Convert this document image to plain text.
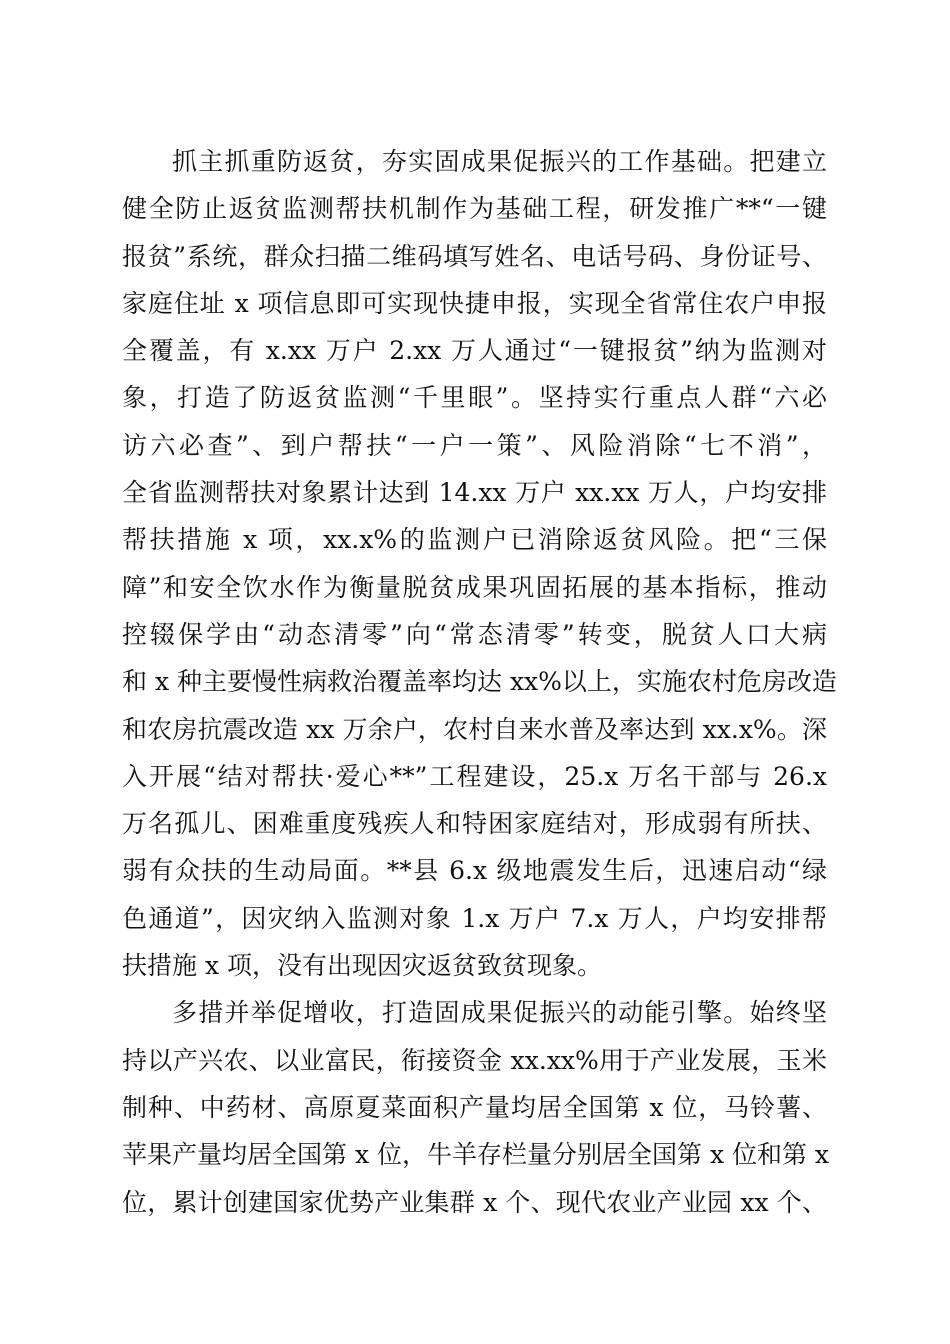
抓主抓重防返贫，夯实固成果促振兴的工作基础。把建立
健全防止返贫监测帮扶机制作为基础工程，研发推广**“一键
报贫”系统，群众扫描二维码填写姓名、电话号码、身份证号、
家庭住址 x 项信息即可实现快捷申报，实现全省常住农户申报
全覆盖，有 x.xx 万户 2.xx 万人通过“一键报贫”纳为监测对
象，打造了防返贫监测“千里眼”。坚持实行重点人群“六必
访六必查”、到户帮扶“一户一策”、风险消除“七不消”，
全省监测帮扶对象累计达到 14.xx 万户 xx.xx 万人，户均安排
帮扶措施 x 项，xx.x%的监测户已消除返贫风险。把“三保
障”和安全饮水作为衡量脱贫成果巩固拓展的基本指标，推动
控辍保学由“动态清零”向“常态清零”转变，脱贫人口大病
和 x 种主要慢性病救治覆盖率均达 xx%以上，实施农村危房改造
和农房抗震改造 xx 万余户，农村自来水普及率达到 xx.x%。深
入开展“结对帮扶·爱心**”工程建设，25.x 万名干部与 26.x
万名孤儿、困难重度残疾人和特困家庭结对，形成弱有所扶、
弱有众扶的生动局面。**县 6.x 级地震发生后，迅速启动“绿
色通道”，因灾纳入监测对象 1.x 万户 7.x 万人，户均安排帮
扶措施 x 项，没有出现因灾返贫致贫现象。
多措并举促增收，打造固成果促振兴的动能引擎。始终坚
持以产兴农、以业富民，衔接资金 xx.xx%用于产业发展，玉米
制种、中药材、高原夏菜面积产量均居全国第 x 位，马铃薯、
苹果产量均居全国第 x 位，牛羊存栏量分别居全国第 x 位和第 x
位，累计创建国家优势产业集群 x 个、现代农业产业园 xx 个、
